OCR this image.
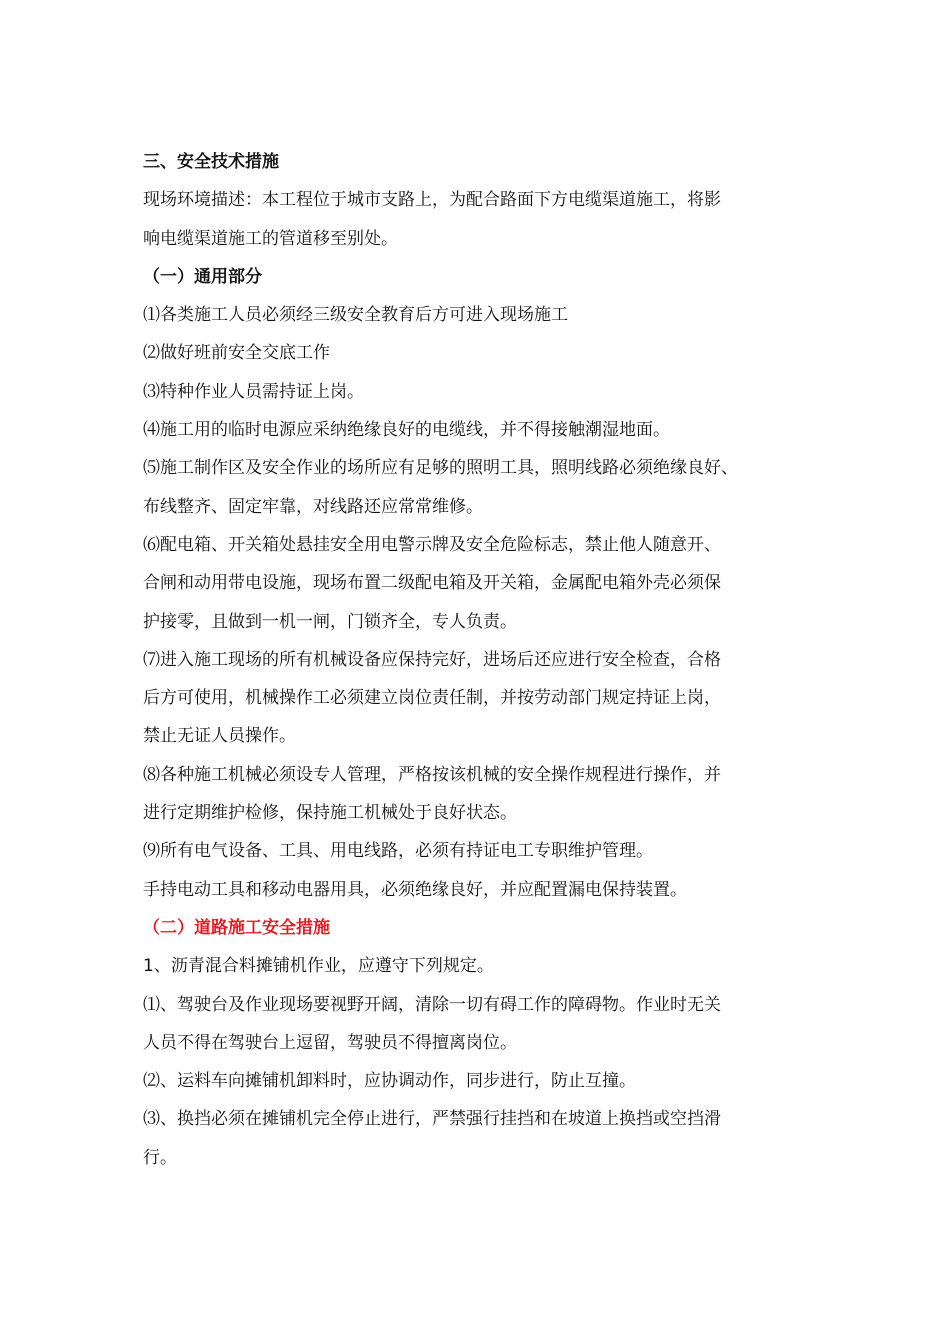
三、安全技术措施

现场环境描述：本工程位于城市支路上，为配合路面下方电缆渠道施工，将影

响电缆渠道施工的管道移至别处。

（一）通用部分

⑴各类施工人员必须经三级安全教育后方可进入现场施工

⑵做好班前安全交底工作

⑶特种作业人员需持证上岗。

⑷施工用的临时电源应采纳绝缘良好的电缆线，并不得接触潮湿地面。

⑸施工制作区及安全作业的场所应有足够的照明工具，照明线路必须绝缘良好、

布线整齐、固定牢靠，对线路还应常常维修。

⑹配电箱、开关箱处悬挂安全用电警示牌及安全危险标志，禁止他人随意开、

合闸和动用带电设施，现场布置二级配电箱及开关箱，金属配电箱外壳必须保

护接零，且做到一机一闸，门锁齐全，专人负责。

⑺进入施工现场的所有机械设备应保持完好，进场后还应进行安全检查，合格

后方可使用，机械操作工必须建立岗位责任制，并按劳动部门规定持证上岗，

禁止无证人员操作。

⑻各种施工机械必须设专人管理，严格按该机械的安全操作规程进行操作，并

进行定期维护检修，保持施工机械处于良好状态。

⑼所有电气设备、工具、用电线路，必须有持证电工专职维护管理。

手持电动工具和移动电器用具，必须绝缘良好，并应配置漏电保持装置。

（二）道路施工安全措施

1、沥青混合料摊铺机作业，应遵守下列规定。

⑴、驾驶台及作业现场要视野开阔，清除一切有碍工作的障碍物。作业时无关

人员不得在驾驶台上逗留，驾驶员不得擅离岗位。

⑵、运料车向摊铺机卸料时，应协调动作，同步进行，防止互撞。

⑶、换挡必须在摊铺机完全停止进行，严禁强行挂挡和在坡道上换挡或空挡滑

行。
